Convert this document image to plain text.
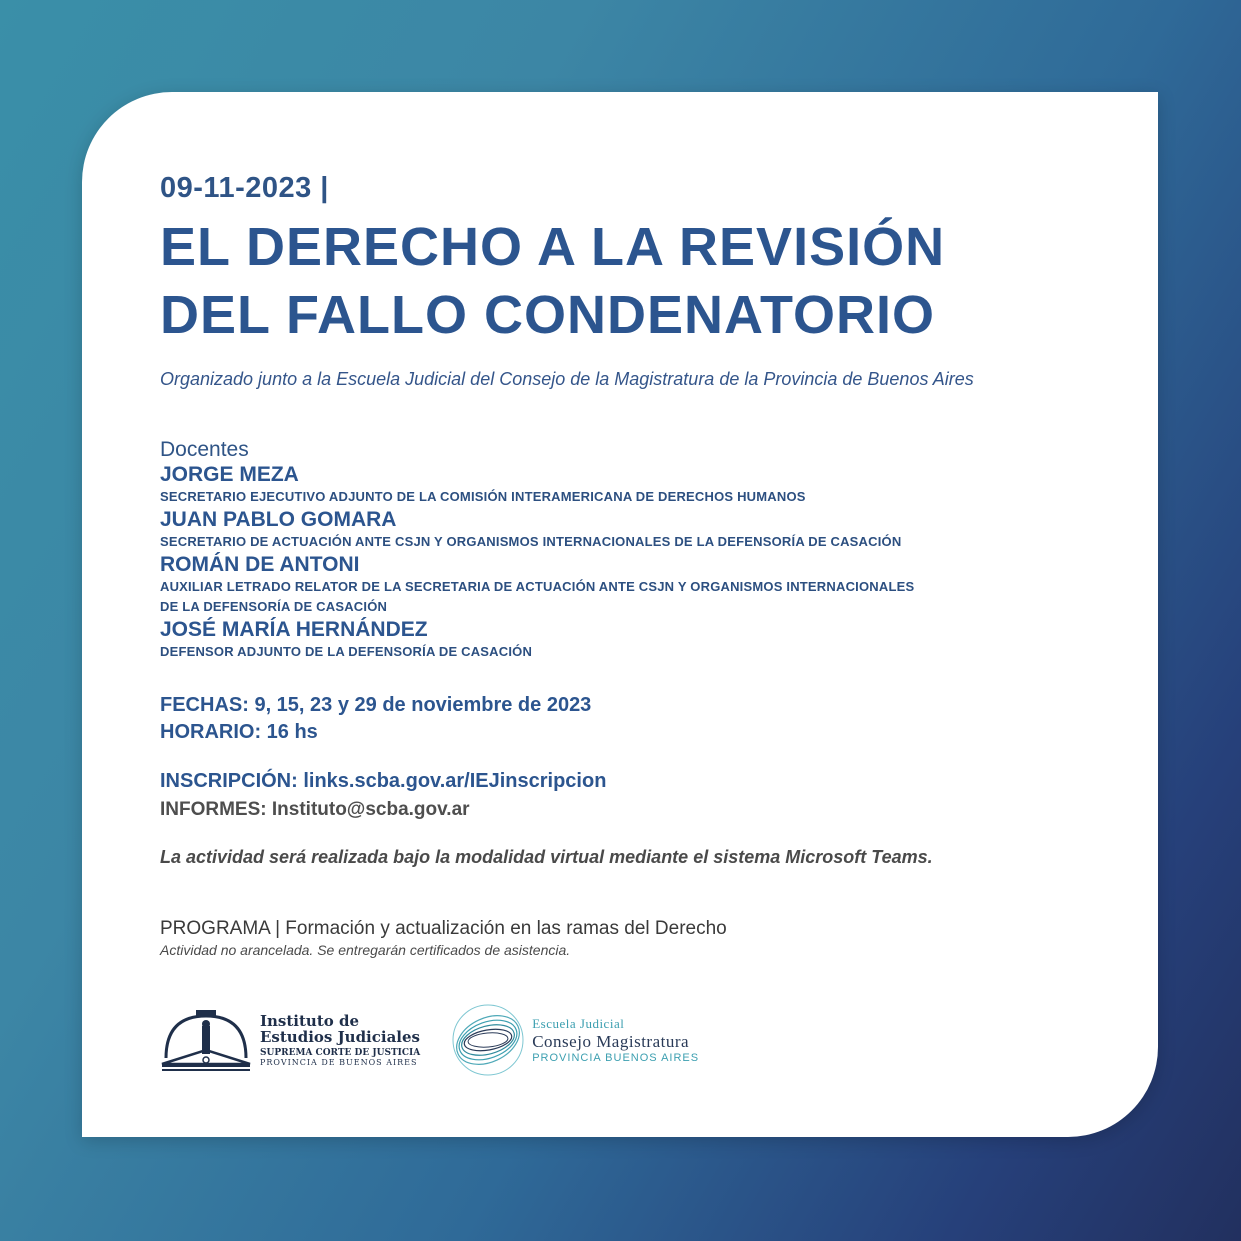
09-11-2023 |
EL DERECHO A LA REVISIÓN
DEL FALLO CONDENATORIO
Organizado junto a la Escuela Judicial del Consejo de la Magistratura de la Provincia de Buenos Aires
Docentes
JORGE MEZA
SECRETARIO EJECUTIVO ADJUNTO DE LA COMISIÓN INTERAMERICANA DE DERECHOS HUMANOS
JUAN PABLO GOMARA
SECRETARIO DE ACTUACIÓN ANTE CSJN Y ORGANISMOS INTERNACIONALES DE LA DEFENSORÍA DE CASACIÓN
ROMÁN DE ANTONI
AUXILIAR LETRADO RELATOR DE LA SECRETARIA DE ACTUACIÓN ANTE CSJN Y ORGANISMOS INTERNACIONALES
DE LA DEFENSORÍA DE CASACIÓN
JOSÉ MARÍA HERNÁNDEZ
DEFENSOR ADJUNTO DE LA DEFENSORÍA DE CASACIÓN
FECHAS: 9, 15, 23 y 29 de noviembre de 2023
HORARIO: 16 hs
INSCRIPCIÓN: links.scba.gov.ar/IEJinscripcion
INFORMES: Instituto@scba.gov.ar
La actividad será realizada bajo la modalidad virtual mediante el sistema Microsoft Teams.
PROGRAMA | Formación y actualización en las ramas del Derecho
Actividad no arancelada. Se entregarán certificados de asistencia.
Instituto de
Estudios Judiciales
SUPREMA CORTE DE JUSTICIA
PROVINCIA DE BUENOS AIRES
Escuela Judicial
Consejo Magistratura
PROVINCIA BUENOS AIRES
